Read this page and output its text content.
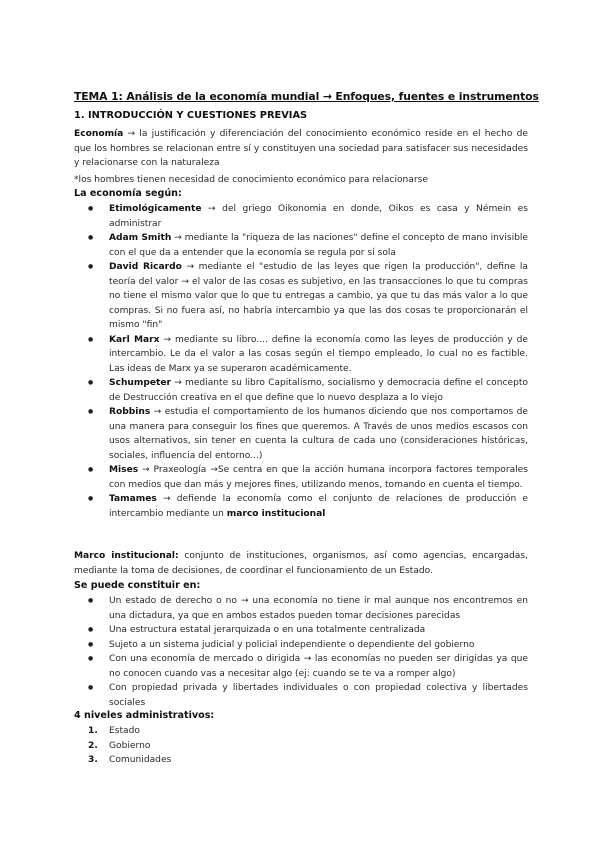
TEMA 1: Análisis de la economía mundial → Enfoques, fuentes e instrumentos
1. INTRODUCCIÓN Y CUESTIONES PREVIAS
Economía → la justificación y diferenciación del conocimiento económico reside en el hecho de que los hombres se relacionan entre sí y constituyen una sociedad para satisfacer sus necesidades y relacionarse con la naturaleza
*los hombres tienen necesidad de conocimiento económico para relacionarse
La economía según:
● Etimológicamente → del griego Oikonomia en donde, Oikos es casa y Némein es administrar
● Adam Smith → mediante la "riqueza de las naciones" define el concepto de mano invisible con el que da a entender que la economía se regula por sí sola
● David Ricardo → mediante el "estudio de las leyes que rigen la producción", define la teoría del valor → el valor de las cosas es subjetivo, en las transacciones lo que tu compras no tiene el mismo valor que lo que tu entregas a cambio, ya que tu das más valor a lo que compras. Si no fuera así, no habría intercambio ya que las dos cosas te proporcionarán el mismo "fin"
● Karl Marx → mediante su libro.... define la economía como las leyes de producción y de intercambio. Le da el valor a las cosas según el tiempo empleado, lo cual no es factible. Las ideas de Marx ya se superaron académicamente.
● Schumpeter → mediante su libro Capitalismo, socialismo y democracia define el concepto de Destrucción creativa en el que define que lo nuevo desplaza a lo viejo
● Robbins → estudia el comportamiento de los humanos diciendo que nos comportamos de una manera para conseguir los fines que queremos. A Través de unos medios escasos con usos alternativos, sin tener en cuenta la cultura de cada uno (consideraciones históricas, sociales, influencia del entorno...)
● Mises → Praxeología →Se centra en que la acción humana incorpora factores temporales con medios que dan más y mejores fines, utilizando menos, tomando en cuenta el tiempo.
● Tamames → defiende la economía como el conjunto de relaciones de producción e intercambio mediante un marco institucional
Marco institucional: conjunto de instituciones, organismos, así como agencias, encargadas, mediante la toma de decisiones, de coordinar el funcionamiento de un Estado.
Se puede constituir en:
● Un estado de derecho o no → una economía no tiene ir mal aunque nos encontremos en una dictadura, ya que en ambos estados pueden tomar decisiones parecidas
● Una estructura estatal jerarquizada o en una totalmente centralizada
● Sujeto a un sistema judicial y policial independiente o dependiente del gobierno
● Con una economía de mercado o dirigida → las economías no pueden ser dirigidas ya que no conocen cuando vas a necesitar algo (ej: cuando se te va a romper algo)
● Con propiedad privada y libertades individuales o con propiedad colectiva y libertades sociales
4 niveles administrativos:
1. Estado
2. Gobierno
3. Comunidades
